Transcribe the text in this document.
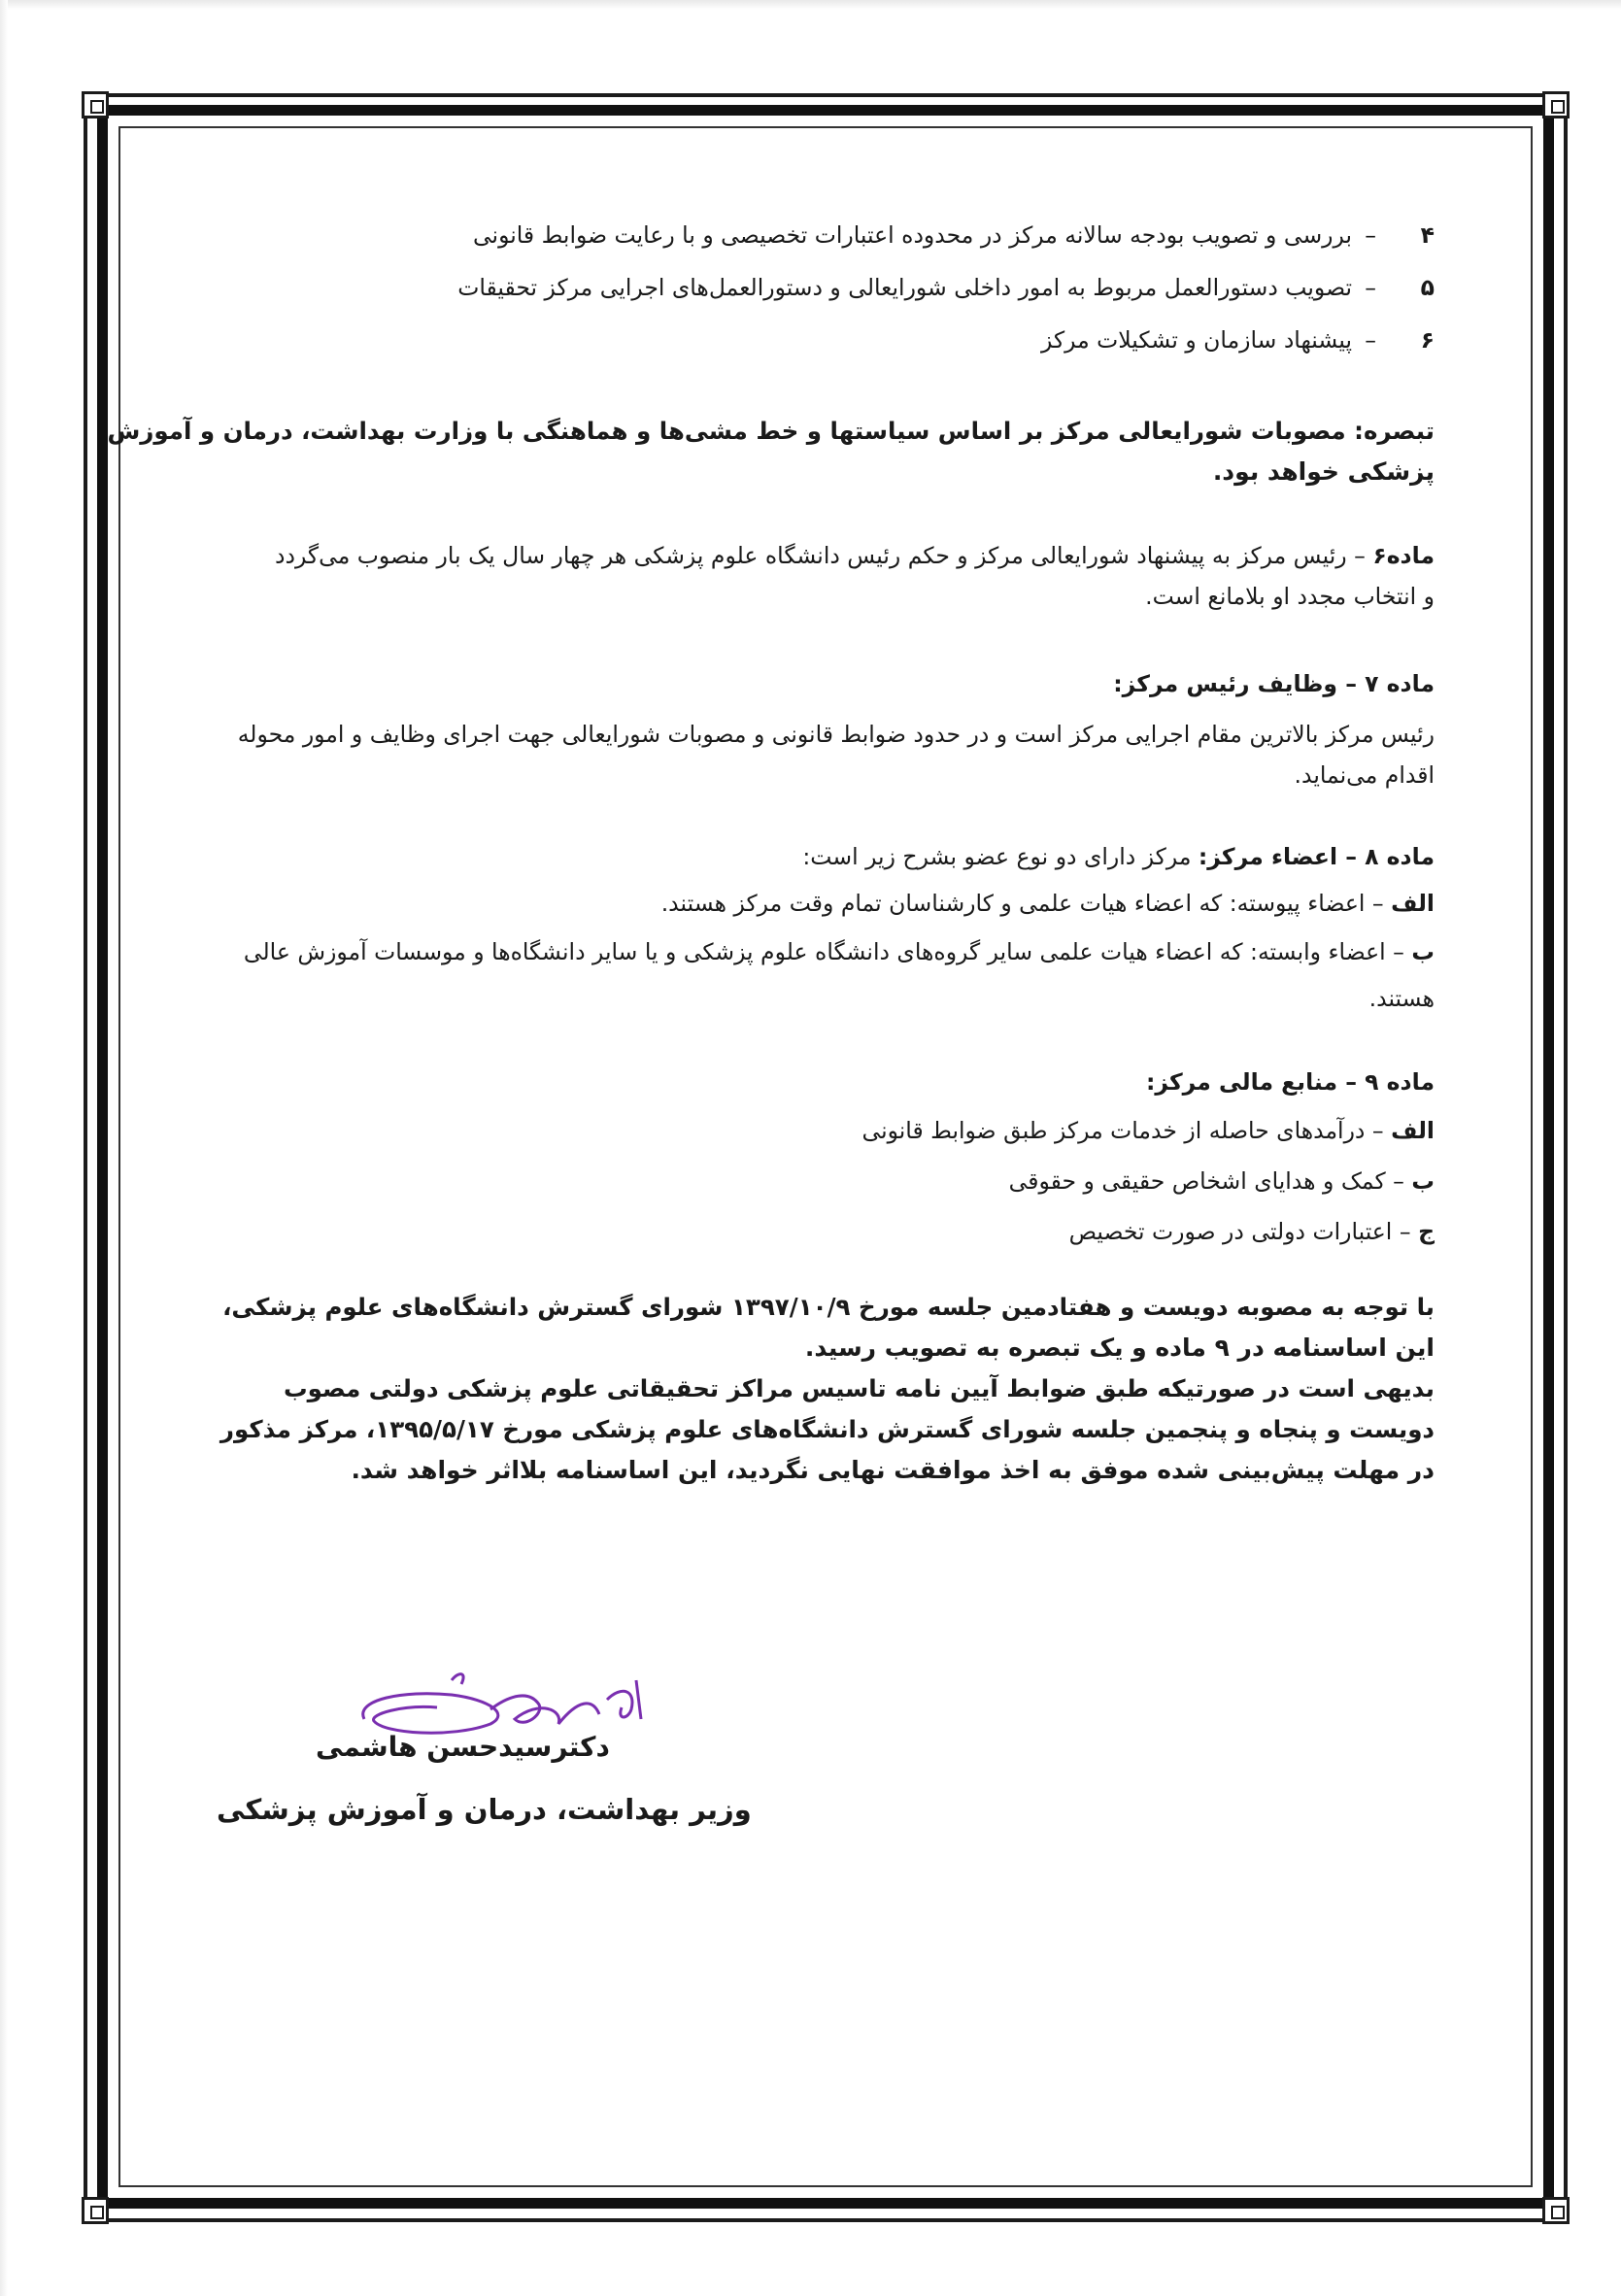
۴
–
بررسی و تصویب بودجه سالانه مرکز در محدوده اعتبارات تخصیصی و با رعایت ضوابط قانونی
۵
–
تصویب دستورالعمل مربوط به امور داخلی شورایعالی و دستورالعمل‌های اجرایی مرکز تحقیقات
۶
–
پیشنهاد سازمان و تشکیلات مرکز
تبصره: مصوبات شورایعالی مرکز بر اساس سیاستها و خط مشی‌ها و هماهنگی با وزارت بهداشت، درمان و آموزش
پزشکی خواهد بود.
ماده۶ – رئیس مرکز به پیشنهاد شورایعالی مرکز و حکم رئیس دانشگاه علوم پزشکی هر چهار سال یک بار منصوب می‌گردد
و انتخاب مجدد او بلامانع است.
ماده ۷ – وظایف رئیس مرکز:
رئیس مرکز بالاترین مقام اجرایی مرکز است و در حدود ضوابط قانونی و مصوبات شورایعالی جهت اجرای وظایف و امور محوله
اقدام می‌نماید.
ماده ۸ – اعضاء مرکز: مرکز دارای دو نوع عضو بشرح زیر است:
الف – اعضاء پیوسته: که اعضاء هیات علمی و کارشناسان تمام وقت مرکز هستند.
ب – اعضاء وابسته: که اعضاء هیات علمی سایر گروه‌های دانشگاه علوم پزشکی و یا سایر دانشگاه‌ها و موسسات آموزش عالی
هستند.
ماده ۹ – منابع مالی مرکز:
الف – درآمدهای حاصله از خدمات مرکز طبق ضوابط قانونی
ب – کمک و هدایای اشخاص حقیقی و حقوقی
ج – اعتبارات دولتی در صورت تخصیص
با توجه به مصوبه دویست و هفتادمین جلسه مورخ ۱۳۹۷/۱۰/۹ شورای گسترش دانشگاه‌های علوم پزشکی،
این اساسنامه در ۹ ماده و یک تبصره به تصویب رسید.
بدیهی است در صورتیکه طبق ضوابط آیین نامه تاسیس مراکز تحقیقاتی علوم پزشکی دولتی مصوب
دویست و پنجاه و پنجمین جلسه شورای گسترش دانشگاه‌های علوم پزشکی مورخ ۱۳۹۵/۵/۱۷، مرکز مذکور
در مهلت پیش‌بینی شده موفق به اخذ موافقت نهایی نگردید، این اساسنامه بلااثر خواهد شد.
دکترسیدحسن هاشمی
وزیر بهداشت، درمان و آموزش پزشکی
